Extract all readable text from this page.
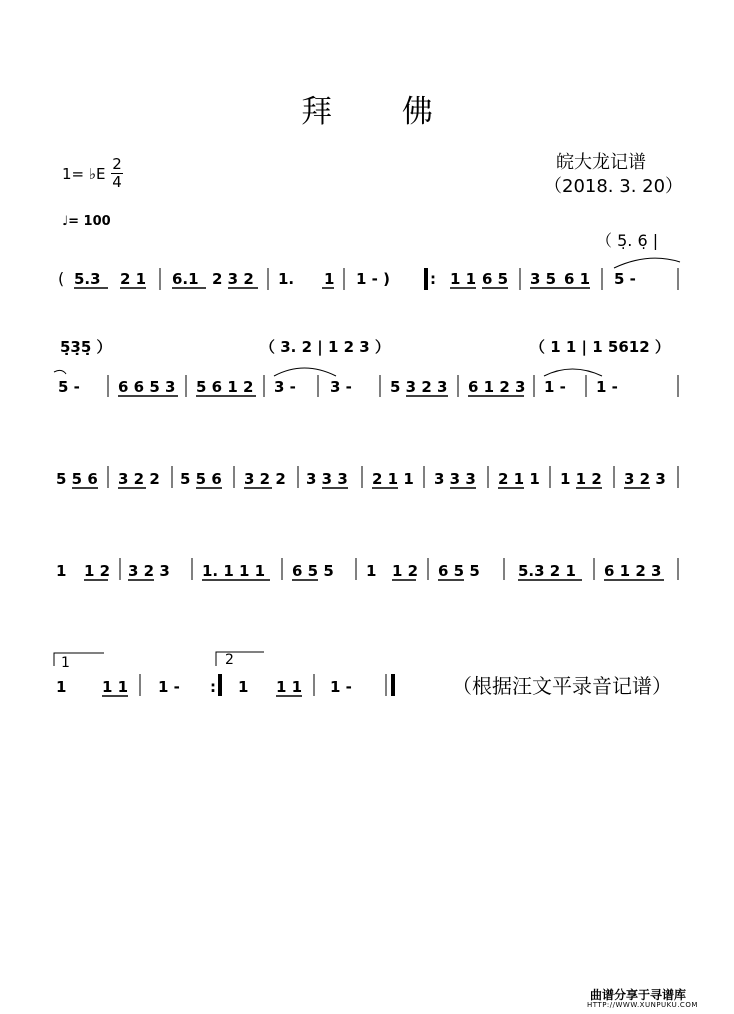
拜 佛
皖大龙记谱
（2018. 3. 20）
1= ♭E
2
4
♩= 100
（ 5̣. 6̣ |
( 5.3 2 1 6.1 2 3 2 1. 1 1 - )	: 1 1 6 5 3 5 6 1 5 -
5̣3̣5̣ ）	（ 3. 2 | 1 2 3 ）	（ 1 1 | 1 5612 ）
5 -	6 6 5 3 5 6 1 2 3 - 3 -	5 3 2 3 6 1 2 3 1 - 1 -
5 5 6 3 2 2 5 5 6 3 2 2 3 3 3 2 1 1 3 3 3 2 1 1 1 1 2 3 2 3
1 1 2 3 2 3 1. 1 1 1 6 5 5 1 1 2 6 5 5	5.3 2 1 6 1 2 3
1 1 1 1 - : 1 1 1 1 -
1	2
（根据汪文平录音记谱）
曲谱分享于寻谱库
HTTP://WWW.XUNPUKU.COM
